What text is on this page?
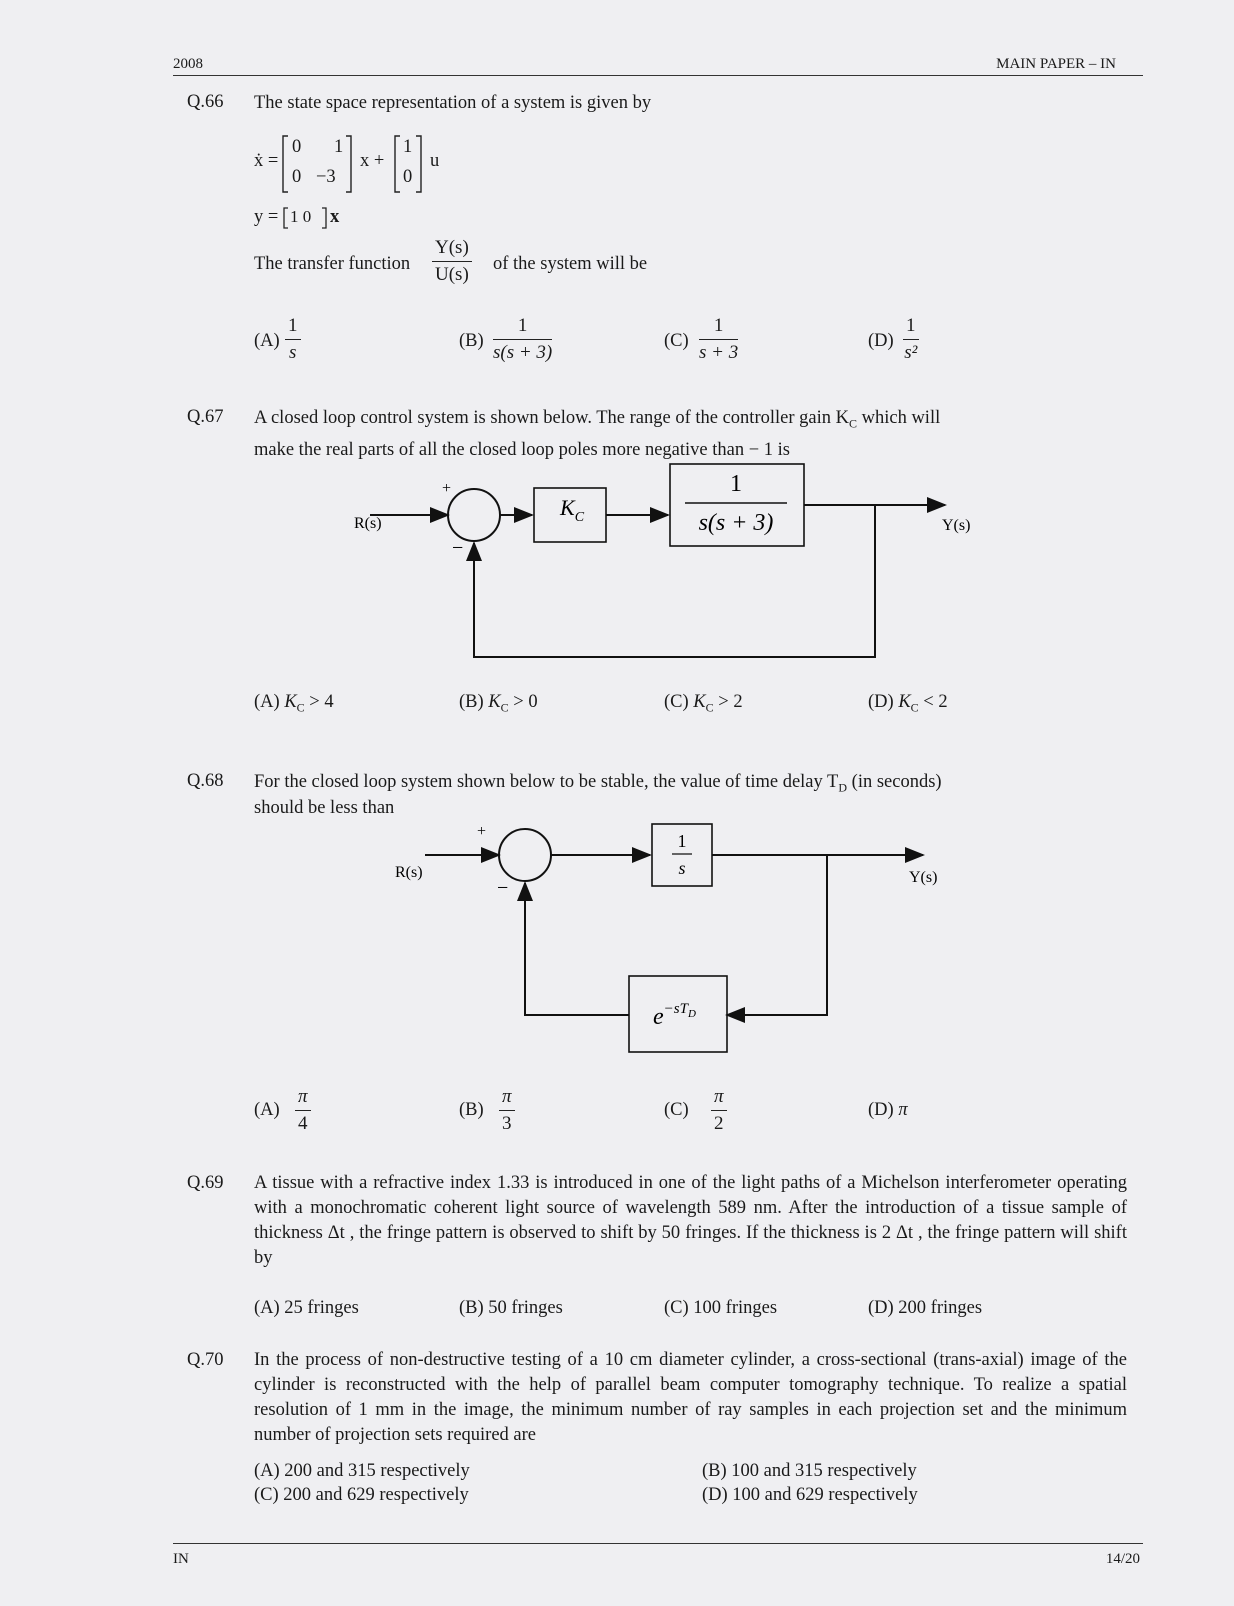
2008	MAIN PAPER – IN
Q.66 The state space representation of a system is given by
ẋ =
0 1
0 −3
x +
1
0
u
y = 1 0 x
The transfer function $\frac{Y(s)}{U(s)}$ of the system will be
$(A) \frac{1}{s}$	$(B) \frac{1}{s(s + 3)}$	$(C) \frac{1}{s + 3}$	$(D) \frac{1}{\text{s²}}$
Q.67 A closed loop control system is shown below. The range of the controller gain $K_C$ which will
make the real parts of all the closed loop poles more negative than − 1 is
+
−
R(s)	Y(s)
$K_C$
1
s(s + 3)
(A) $K_C > 4$	(B) $K_C > 0$	(C) $K_C > 2$	(D) $K_C < 2$
Q.68 For the closed loop system shown below to be stable, the value of time delay $T_D$ (in seconds)
should be less than
+
−
R(s)	Y(s)
1
s
$e^{-sT}D$
$(A) \frac{\pi}{4}$	$(B) \frac{\pi}{3}$	$(C) \frac{\pi}{2}$	(D) π
Q.69 A tissue with a refractive index 1.33 is introduced in one of the light paths of a Michelson interferometer operating with a monochromatic coherent light source of wavelength 589 nm. After the introduction of a tissue sample of thickness Δt , the fringe pattern is observed to shift by 50 fringes. If the thickness is 2 Δt , the fringe pattern will shift by
(A) 25 fringes	(B) 50 fringes	(C) 100 fringes	(D) 200 fringes
Q.70 In the process of non-destructive testing of a 10 cm diameter cylinder, a cross-sectional (trans-axial) image of the cylinder is reconstructed with the help of parallel beam computer tomography technique. To realize a spatial resolution of 1 mm in the image, the minimum number of ray samples in each projection set and the minimum number of projection sets required are
(A) 200 and 315 respectively	(B) 100 and 315 respectively
(C) 200 and 629 respectively	(D) 100 and 629 respectively
IN	14/20
